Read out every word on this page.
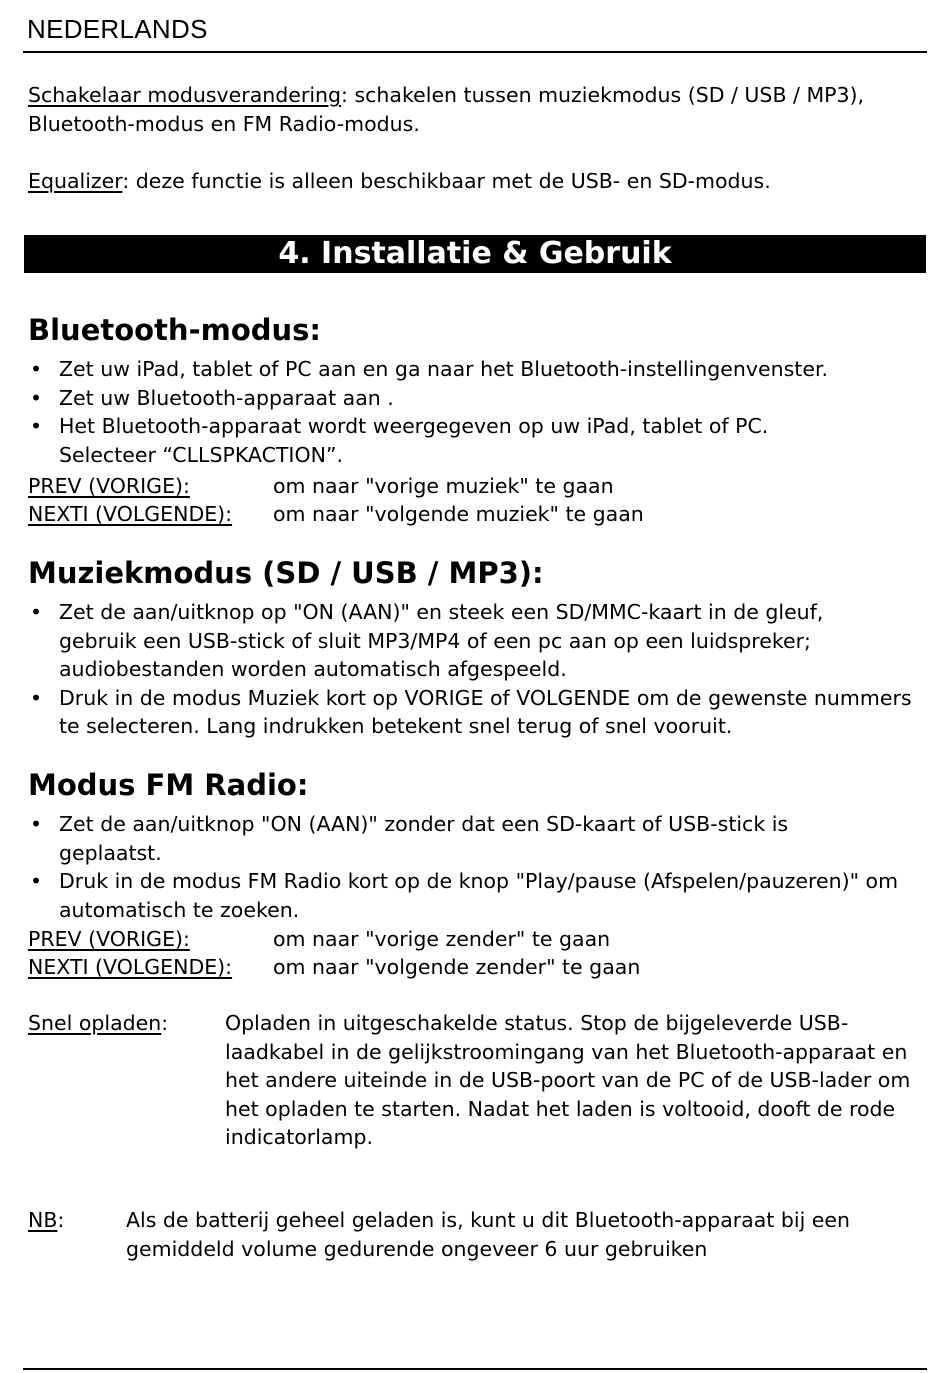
NEDERLANDS
Schakelaar modusverandering: schakelen tussen muziekmodus (SD / USB / MP3), Bluetooth-modus en FM Radio-modus.
Equalizer: deze functie is alleen beschikbaar met de USB- en SD-modus.
4. Installatie & Gebruik
Bluetooth-modus:
• Zet uw iPad, tablet of PC aan en ga naar het Bluetooth-instellingenvenster.
• Zet uw Bluetooth-apparaat aan .
• Het Bluetooth-apparaat wordt weergegeven op uw iPad, tablet of PC. Selecteer “CLLSPKACTION”.
PREV (VORIGE):	om naar "vorige muziek" te gaan
NEXTI (VOLGENDE): om naar "volgende muziek" te gaan
Muziekmodus (SD / USB / MP3):
• Zet de aan/uitknop op "ON (AAN)" en steek een SD/MMC-kaart in de gleuf, gebruik een USB-stick of sluit MP3/MP4 of een pc aan op een luidspreker; audiobestanden worden automatisch afgespeeld.
• Druk in de modus Muziek kort op VORIGE of VOLGENDE om de gewenste nummers te selecteren. Lang indrukken betekent snel terug of snel vooruit.
Modus FM Radio:
• Zet de aan/uitknop "ON (AAN)" zonder dat een SD-kaart of USB-stick is geplaatst.
• Druk in de modus FM Radio kort op de knop "Play/pause (Afspelen/pauzeren)" om automatisch te zoeken.
PREV (VORIGE):	om naar "vorige zender" te gaan
NEXTI (VOLGENDE): om naar "volgende zender" te gaan
Snel opladen:	Opladen in uitgeschakelde status. Stop de bijgeleverde USB-laadkabel in de gelijkstroomingang van het Bluetooth-apparaat en het andere uiteinde in de USB-poort van de PC of de USB-lader om het opladen te starten. Nadat het laden is voltooid, dooft de rode indicatorlamp.
NB:	Als de batterij geheel geladen is, kunt u dit Bluetooth-apparaat bij een gemiddeld volume gedurende ongeveer 6 uur gebruiken
